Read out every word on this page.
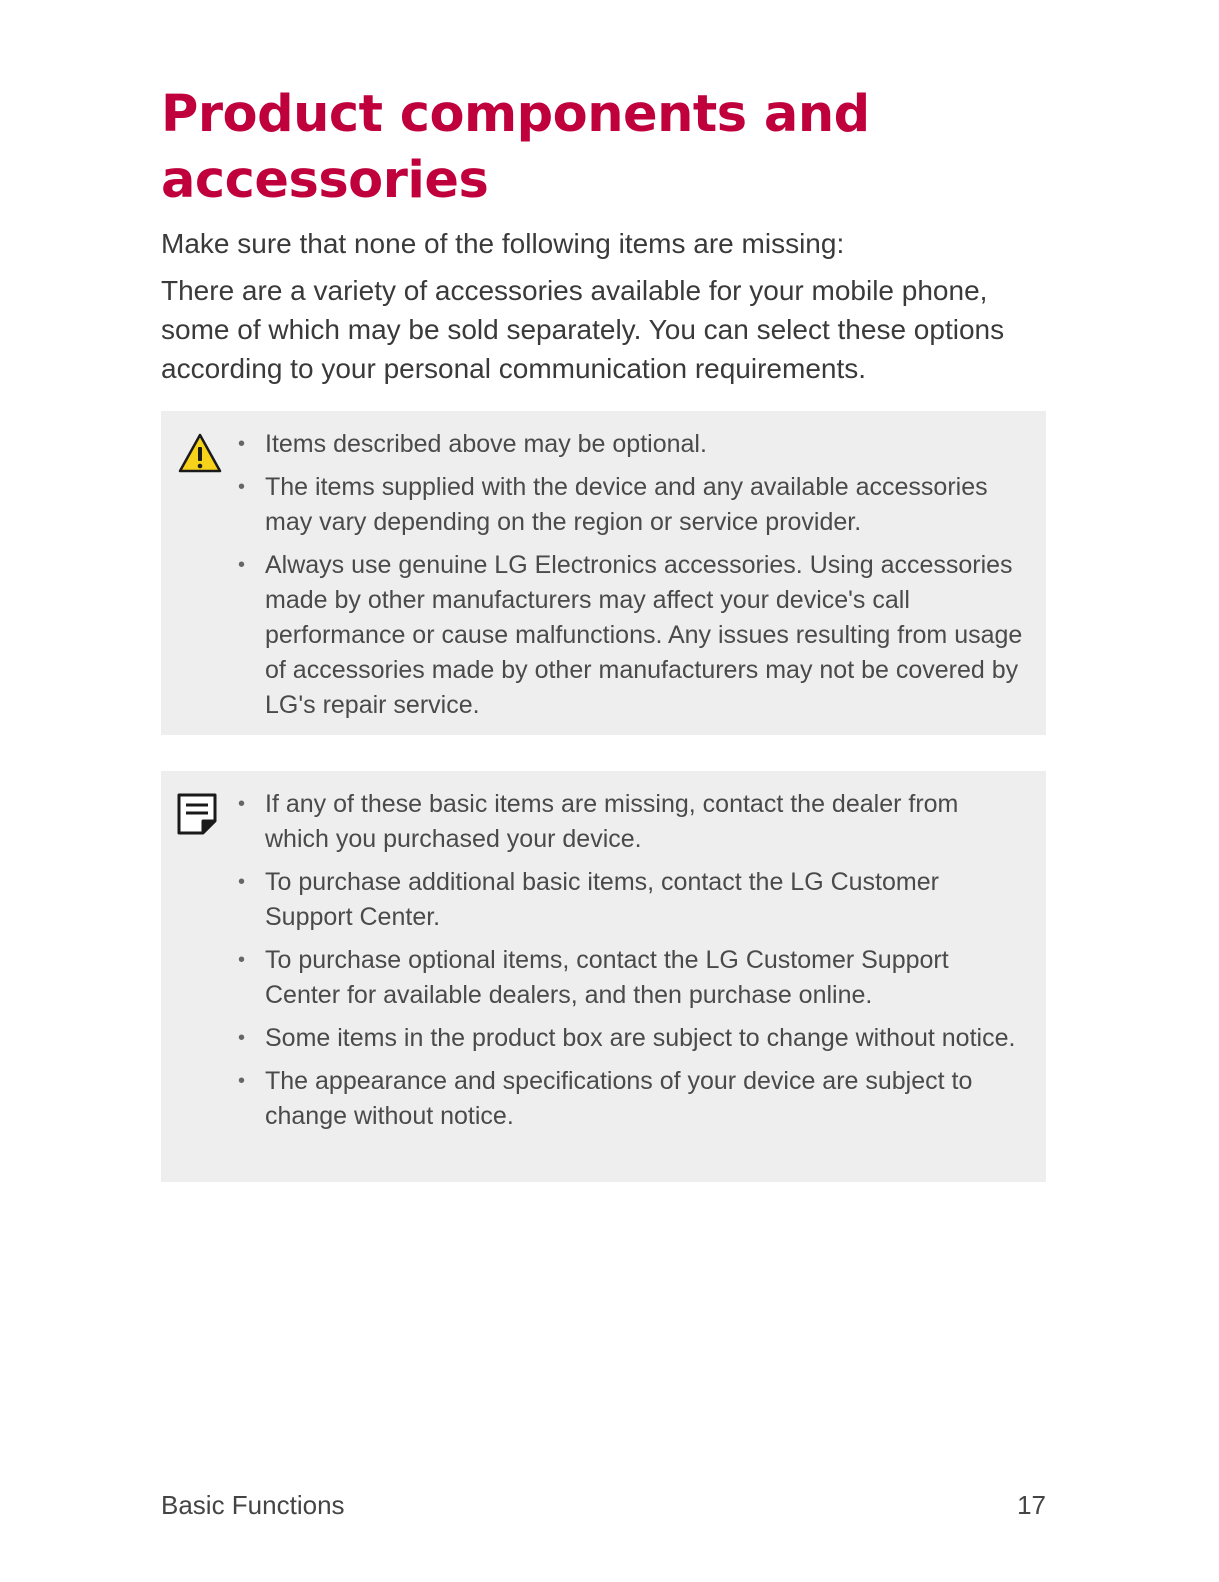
Product components and accessories

Make sure that none of the following items are missing:

There are a variety of accessories available for your mobile phone, some of which may be sold separately. You can select these options according to your personal communication requirements.

• Items described above may be optional.
• The items supplied with the device and any available accessories may vary depending on the region or service provider.
• Always use genuine LG Electronics accessories. Using accessories made by other manufacturers may affect your device's call performance or cause malfunctions. Any issues resulting from usage of accessories made by other manufacturers may not be covered by LG's repair service.
• If any of these basic items are missing, contact the dealer from which you purchased your device.
• To purchase additional basic items, contact the LG Customer Support Center.
• To purchase optional items, contact the LG Customer Support Center for available dealers, and then purchase online.
• Some items in the product box are subject to change without notice.
• The appearance and specifications of your device are subject to change without notice.
Basic Functions	17
